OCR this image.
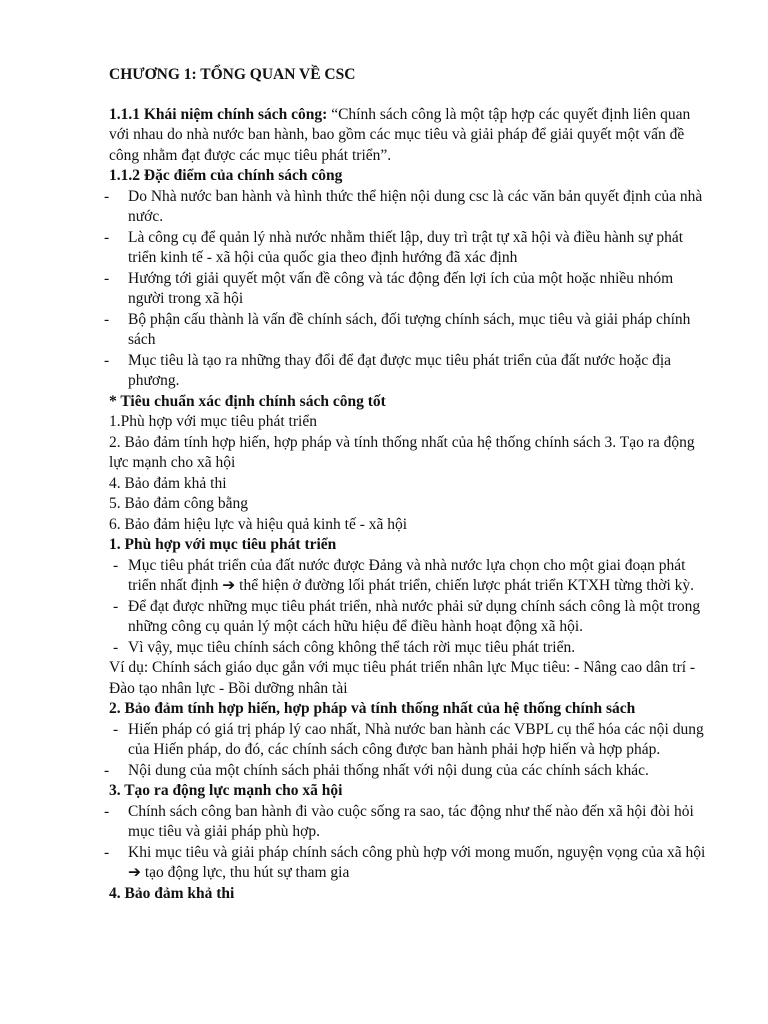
CHƯƠNG 1: TỔNG QUAN VỀ CSC

1.1.1 Khái niệm chính sách công: “Chính sách công là một tập hợp các quyết định liên quan với nhau do nhà nước ban hành, bao gồm các mục tiêu và giải pháp để giải quyết một vấn đề công nhằm đạt được các mục tiêu phát triển”.

1.1.2 Đặc điểm của chính sách công

- Do Nhà nước ban hành và hình thức thể hiện nội dung csc là các văn bản quyết định của nhà nước.
- Là công cụ để quản lý nhà nước nhằm thiết lập, duy trì trật tự xã hội và điều hành sự phát triển kinh tế - xã hội của quốc gia theo định hướng đã xác định
- Hướng tới giải quyết một vấn đề công và tác động đến lợi ích của một hoặc nhiều nhóm người trong xã hội
- Bộ phận cấu thành là vấn đề chính sách, đối tượng chính sách, mục tiêu và giải pháp chính sách
- Mục tiêu là tạo ra những thay đổi để đạt được mục tiêu phát triển của đất nước hoặc địa phương.

* Tiêu chuẩn xác định chính sách công tốt

1.Phù hợp với mục tiêu phát triển

2. Bảo đảm tính hợp hiến, hợp pháp và tính thống nhất của hệ thống chính sách 3. Tạo ra động lực mạnh cho xã hội

4. Bảo đảm khả thi

5. Bảo đảm công bằng

6. Bảo đảm hiệu lực và hiệu quả kinh tế - xã hội

1. Phù hợp với mục tiêu phát triển

- Mục tiêu phát triển của đất nước được Đảng và nhà nước lựa chọn cho một giai đoạn phát triển nhất định ➔ thể hiện ở đường lối phát triển, chiến lược phát triển KTXH từng thời kỳ.
- Để đạt được những mục tiêu phát triển, nhà nước phải sử dụng chính sách công là một trong những công cụ quản lý một cách hữu hiệu để điều hành hoạt động xã hội.
- Vì vậy, mục tiêu chính sách công không thể tách rời mục tiêu phát triển.

Ví dụ: Chính sách giáo dục gắn với mục tiêu phát triển nhân lực Mục tiêu: - Nâng cao dân trí - Đào tạo nhân lực - Bồi dưỡng nhân tài

2. Bảo đảm tính hợp hiến, hợp pháp và tính thống nhất của hệ thống chính sách

- Hiến pháp có giá trị pháp lý cao nhất, Nhà nước ban hành các VBPL cụ thể hóa các nội dung của Hiến pháp, do đó, các chính sách công được ban hành phải hợp hiến và hợp pháp.
- Nội dung của một chính sách phải thống nhất với nội dung của các chính sách khác.

3. Tạo ra động lực mạnh cho xã hội

- Chính sách công ban hành đi vào cuộc sống ra sao, tác động như thế nào đến xã hội đòi hỏi mục tiêu và giải pháp phù hợp.
- Khi mục tiêu và giải pháp chính sách công phù hợp với mong muốn, nguyện vọng của xã hội ➔ tạo động lực, thu hút sự tham gia

4. Bảo đảm khả thi
